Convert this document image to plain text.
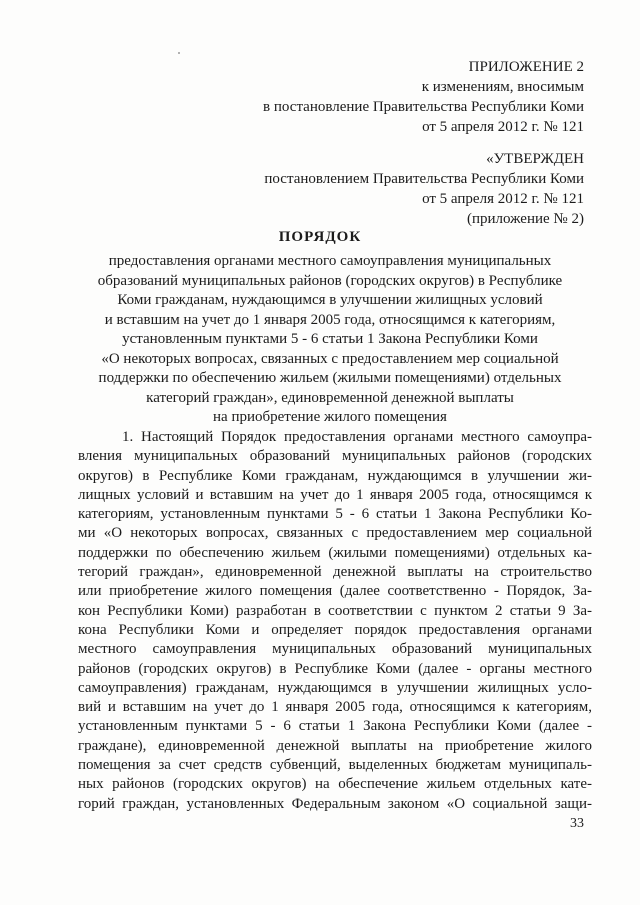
ПРИЛОЖЕНИЕ 2
к изменениям, вносимым
в постановление Правительства Республики Коми
от 5 апреля 2012 г. № 121
«УТВЕРЖДЕН
постановлением Правительства Республики Коми
от 5 апреля 2012 г. № 121
(приложение № 2)
ПОРЯДОК
предоставления органами местного самоуправления муниципальных
образований муниципальных районов (городских округов) в Республике
Коми гражданам, нуждающимся в улучшении жилищных условий
и вставшим на учет до 1 января 2005 года, относящимся к категориям,
установленным пунктами 5 - 6 статьи 1 Закона Республики Коми
«О некоторых вопросах, связанных с предоставлением мер социальной
поддержки по обеспечению жильем (жилыми помещениями) отдельных
категорий граждан», единовременной денежной выплаты
на приобретение жилого помещения
1. Настоящий Порядок предоставления органами местного самоупра-
вления муниципальных образований муниципальных районов (городских
округов) в Республике Коми гражданам, нуждающимся в улучшении жи-
лищных условий и вставшим на учет до 1 января 2005 года, относящимся к
категориям, установленным пунктами 5 - 6 статьи 1 Закона Республики Ко-
ми «О некоторых вопросах, связанных с предоставлением мер социальной
поддержки по обеспечению жильем (жилыми помещениями) отдельных ка-
тегорий граждан», единовременной денежной выплаты на строительство
или приобретение жилого помещения (далее соответственно - Порядок, За-
кон Республики Коми) разработан в соответствии с пунктом 2 статьи 9 За-
кона Республики Коми и определяет порядок предоставления органами
местного самоуправления муниципальных образований муниципальных
районов (городских округов) в Республике Коми (далее - органы местного
самоуправления) гражданам, нуждающимся в улучшении жилищных усло-
вий и вставшим на учет до 1 января 2005 года, относящимся к категориям,
установленным пунктами 5 - 6 статьи 1 Закона Республики Коми (далее -
граждане), единовременной денежной выплаты на приобретение жилого
помещения за счет средств субвенций, выделенных бюджетам муниципаль-
ных районов (городских округов) на обеспечение жильем отдельных кате-
горий граждан, установленных Федеральным законом «О социальной защи-
33
